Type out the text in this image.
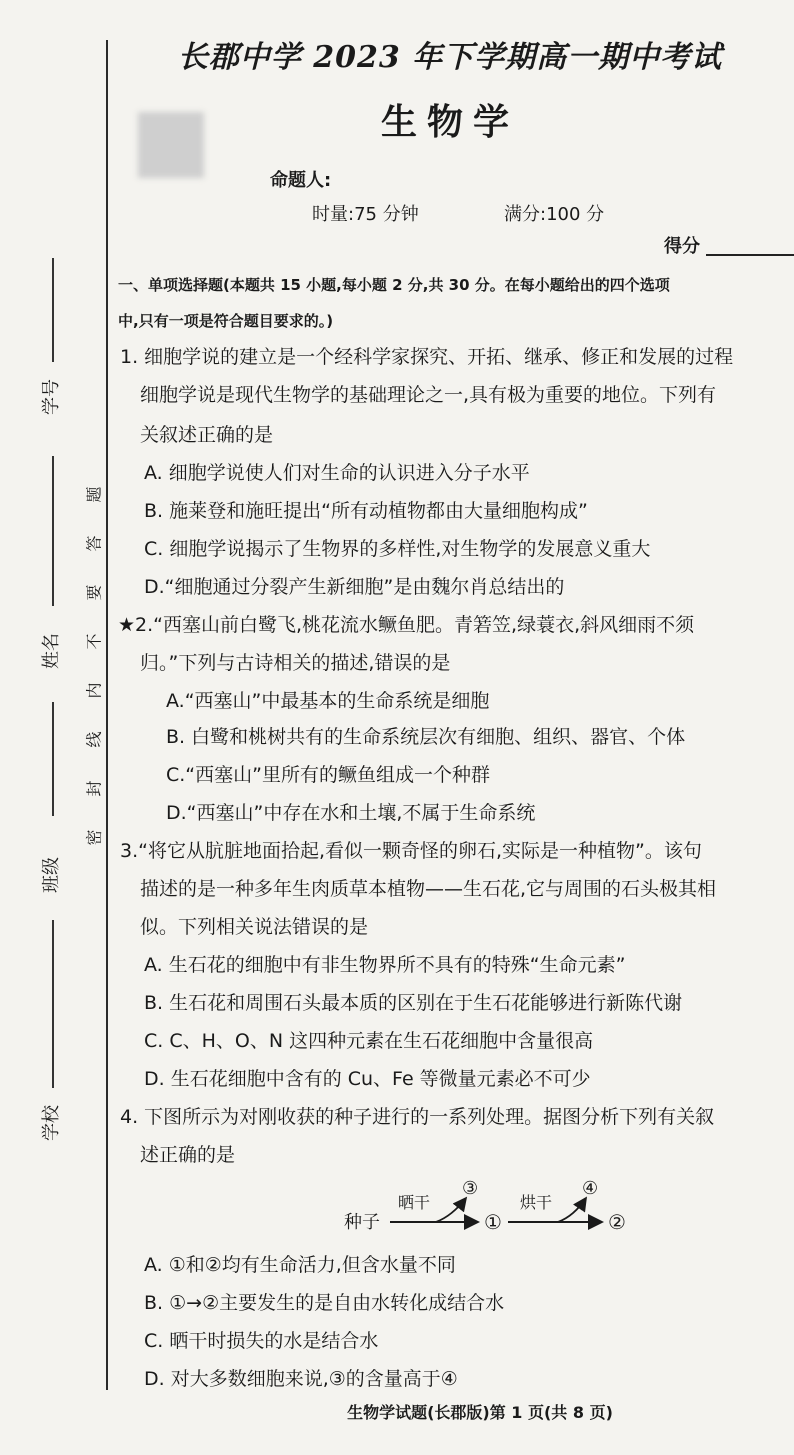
学号
姓名
班级
学校
题
答
要
不
内
线
封
密
长郡中学 2023 年下学期高一期中考试
生物学
命题人:
时量:75 分钟	满分:100 分
得分
一、单项选择题(本题共 15 小题,每小题 2 分,共 30 分。在每小题给出的四个选项
中,只有一项是符合题目要求的。)
1. 细胞学说的建立是一个经科学家探究、开拓、继承、修正和发展的过程
细胞学说是现代生物学的基础理论之一,具有极为重要的地位。下列有
关叙述正确的是
A. 细胞学说使人们对生命的认识进入分子水平
B. 施莱登和施旺提出“所有动植物都由大量细胞构成”
C. 细胞学说揭示了生物界的多样性,对生物学的发展意义重大
D.“细胞通过分裂产生新细胞”是由魏尔肖总结出的
★2.“西塞山前白鹭飞,桃花流水鳜鱼肥。青箬笠,绿蓑衣,斜风细雨不须
归。”下列与古诗相关的描述,错误的是
A.“西塞山”中最基本的生命系统是细胞
B. 白鹭和桃树共有的生命系统层次有细胞、组织、器官、个体
C.“西塞山”里所有的鳜鱼组成一个种群
D.“西塞山”中存在水和土壤,不属于生命系统
3.“将它从肮脏地面拾起,看似一颗奇怪的卵石,实际是一种植物”。该句
描述的是一种多年生肉质草本植物——生石花,它与周围的石头极其相
似。下列相关说法错误的是
A. 生石花的细胞中有非生物界所不具有的特殊“生命元素”
B. 生石花和周围石头最本质的区别在于生石花能够进行新陈代谢
C. C、H、O、N 这四种元素在生石花细胞中含量很高
D. 生石花细胞中含有的 Cu、Fe 等微量元素必不可少
4. 下图所示为对刚收获的种子进行的一系列处理。据图分析下列有关叙
述正确的是
种子
晒干
③
①
烘干
④
②
A. ①和②均有生命活力,但含水量不同
B. ①→②主要发生的是自由水转化成结合水
C. 晒干时损失的水是结合水
D. 对大多数细胞来说,③的含量高于④
生物学试题(长郡版)第 1 页(共 8 页)
